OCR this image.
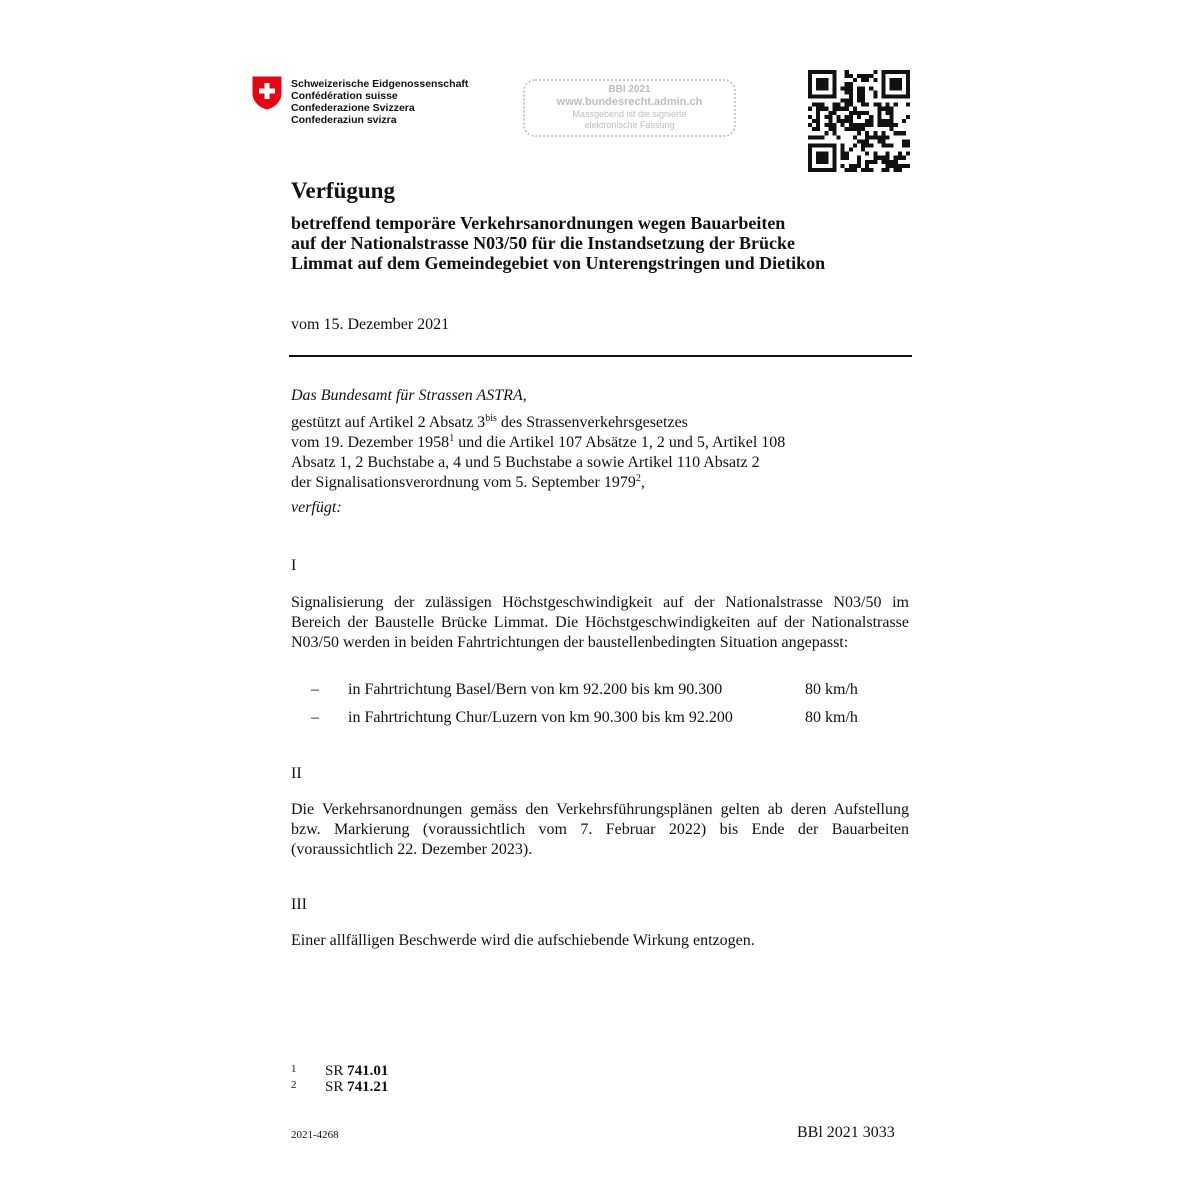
Schweizerische Eidgenossenschaft
Confédération suisse
Confederazione Svizzera
Confederaziun svizra
BBl 2021
www.bundesrecht.admin.ch
Massgebend ist die signierte
elektronische Fassung
Verfügung
betreffend temporäre Verkehrsanordnungen wegen Bauarbeiten
auf der Nationalstrasse N03/50 für die Instandsetzung der Brücke
Limmat auf dem Gemeindegebiet von Unterengstringen und Dietikon
vom 15. Dezember 2021
Das Bundesamt für Strassen ASTRA,
gestützt auf Artikel 2 Absatz $3^{bis}$ des Strassenverkehrsgesetzes
vom 19. Dezember 1958$^1$ und die Artikel 107 Absätze 1, 2 und 5, Artikel 108
Absatz 1, 2 Buchstabe a, 4 und 5 Buchstabe a sowie Artikel 110 Absatz 2
der Signalisationsverordnung vom 5. September 1979$^2$,
verfügt:
I
Signalisierung der zulässigen Höchstgeschwindigkeit auf der Nationalstrasse N03/50 im Bereich der Baustelle Brücke Limmat. Die Höchstgeschwindigkeiten auf der Nationalstrasse N03/50 werden in beiden Fahrtrichtungen der baustellenbedingten Situation angepasst:
– in Fahrtrichtung Basel/Bern von km 92.200 bis km 90.300	80 km/h
– in Fahrtrichtung Chur/Luzern von km 90.300 bis km 92.200	80 km/h
II
Die Verkehrsanordnungen gemäss den Verkehrsführungsplänen gelten ab deren Aufstellung bzw. Markierung (voraussichtlich vom 7. Februar 2022) bis Ende der Bauarbeiten (voraussichtlich 22. Dezember 2023).
III
Einer allfälligen Beschwerde wird die aufschiebende Wirkung entzogen.
1 SR 741.01
2 SR 741.21
2021-4268	BBl 2021 3033
